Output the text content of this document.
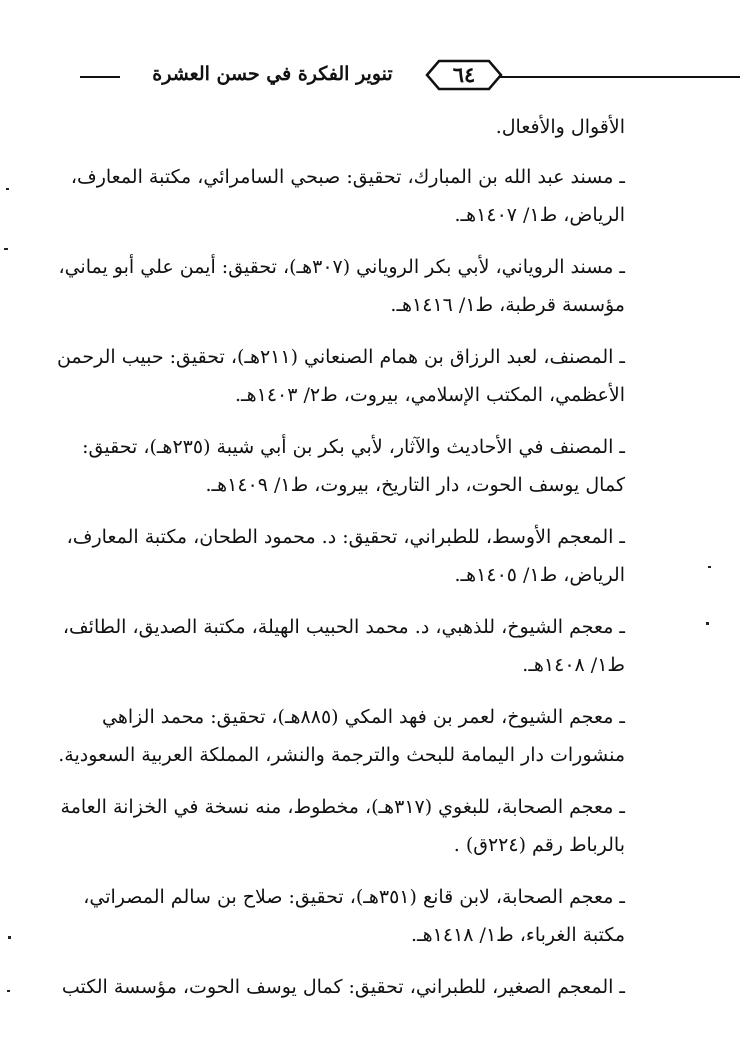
تنوير الفكرة في حسن العشرة	٦٤

الأقوال والأفعال.

ـ مسند عبد الله بن المبارك، تحقيق: صبحي السامرائي، مكتبة المعارف،
الرياض، ط١/ ١٤٠٧هـ.

ـ مسند الروياني، لأبي بكر الروياني (٣٠٧هـ)، تحقيق: أيمن علي أبو يماني،
مؤسسة قرطبة، ط١/ ١٤١٦هـ.

ـ المصنف، لعبد الرزاق بن همام الصنعاني (٢١١هـ)، تحقيق: حبيب الرحمن
الأعظمي، المكتب الإسلامي، بيروت، ط٢/ ١٤٠٣هـ.

ـ المصنف في الأحاديث والآثار، لأبي بكر بن أبي شيبة (٢٣٥هـ)، تحقيق:
كمال يوسف الحوت، دار التاريخ، بيروت، ط١/ ١٤٠٩هـ.

ـ المعجم الأوسط، للطبراني، تحقيق: د. محمود الطحان، مكتبة المعارف،
الرياض، ط١/ ١٤٠٥هـ.

ـ معجم الشيوخ، للذهبي، د. محمد الحبيب الهيلة، مكتبة الصديق، الطائف،
ط١/ ١٤٠٨هـ.

ـ معجم الشيوخ، لعمر بن فهد المكي (٨٨٥هـ)، تحقيق: محمد الزاهي
منشورات دار اليمامة للبحث والترجمة والنشر، المملكة العربية السعودية.

ـ معجم الصحابة، للبغوي (٣١٧هـ)، مخطوط، منه نسخة في الخزانة العامة
بالرباط رقم (٢٢٤ق) .

ـ معجم الصحابة، لابن قانع (٣٥١هـ)، تحقيق: صلاح بن سالم المصراتي،
مكتبة الغرباء، ط١/ ١٤١٨هـ.

ـ المعجم الصغير، للطبراني، تحقيق: كمال يوسف الحوت، مؤسسة الكتب
